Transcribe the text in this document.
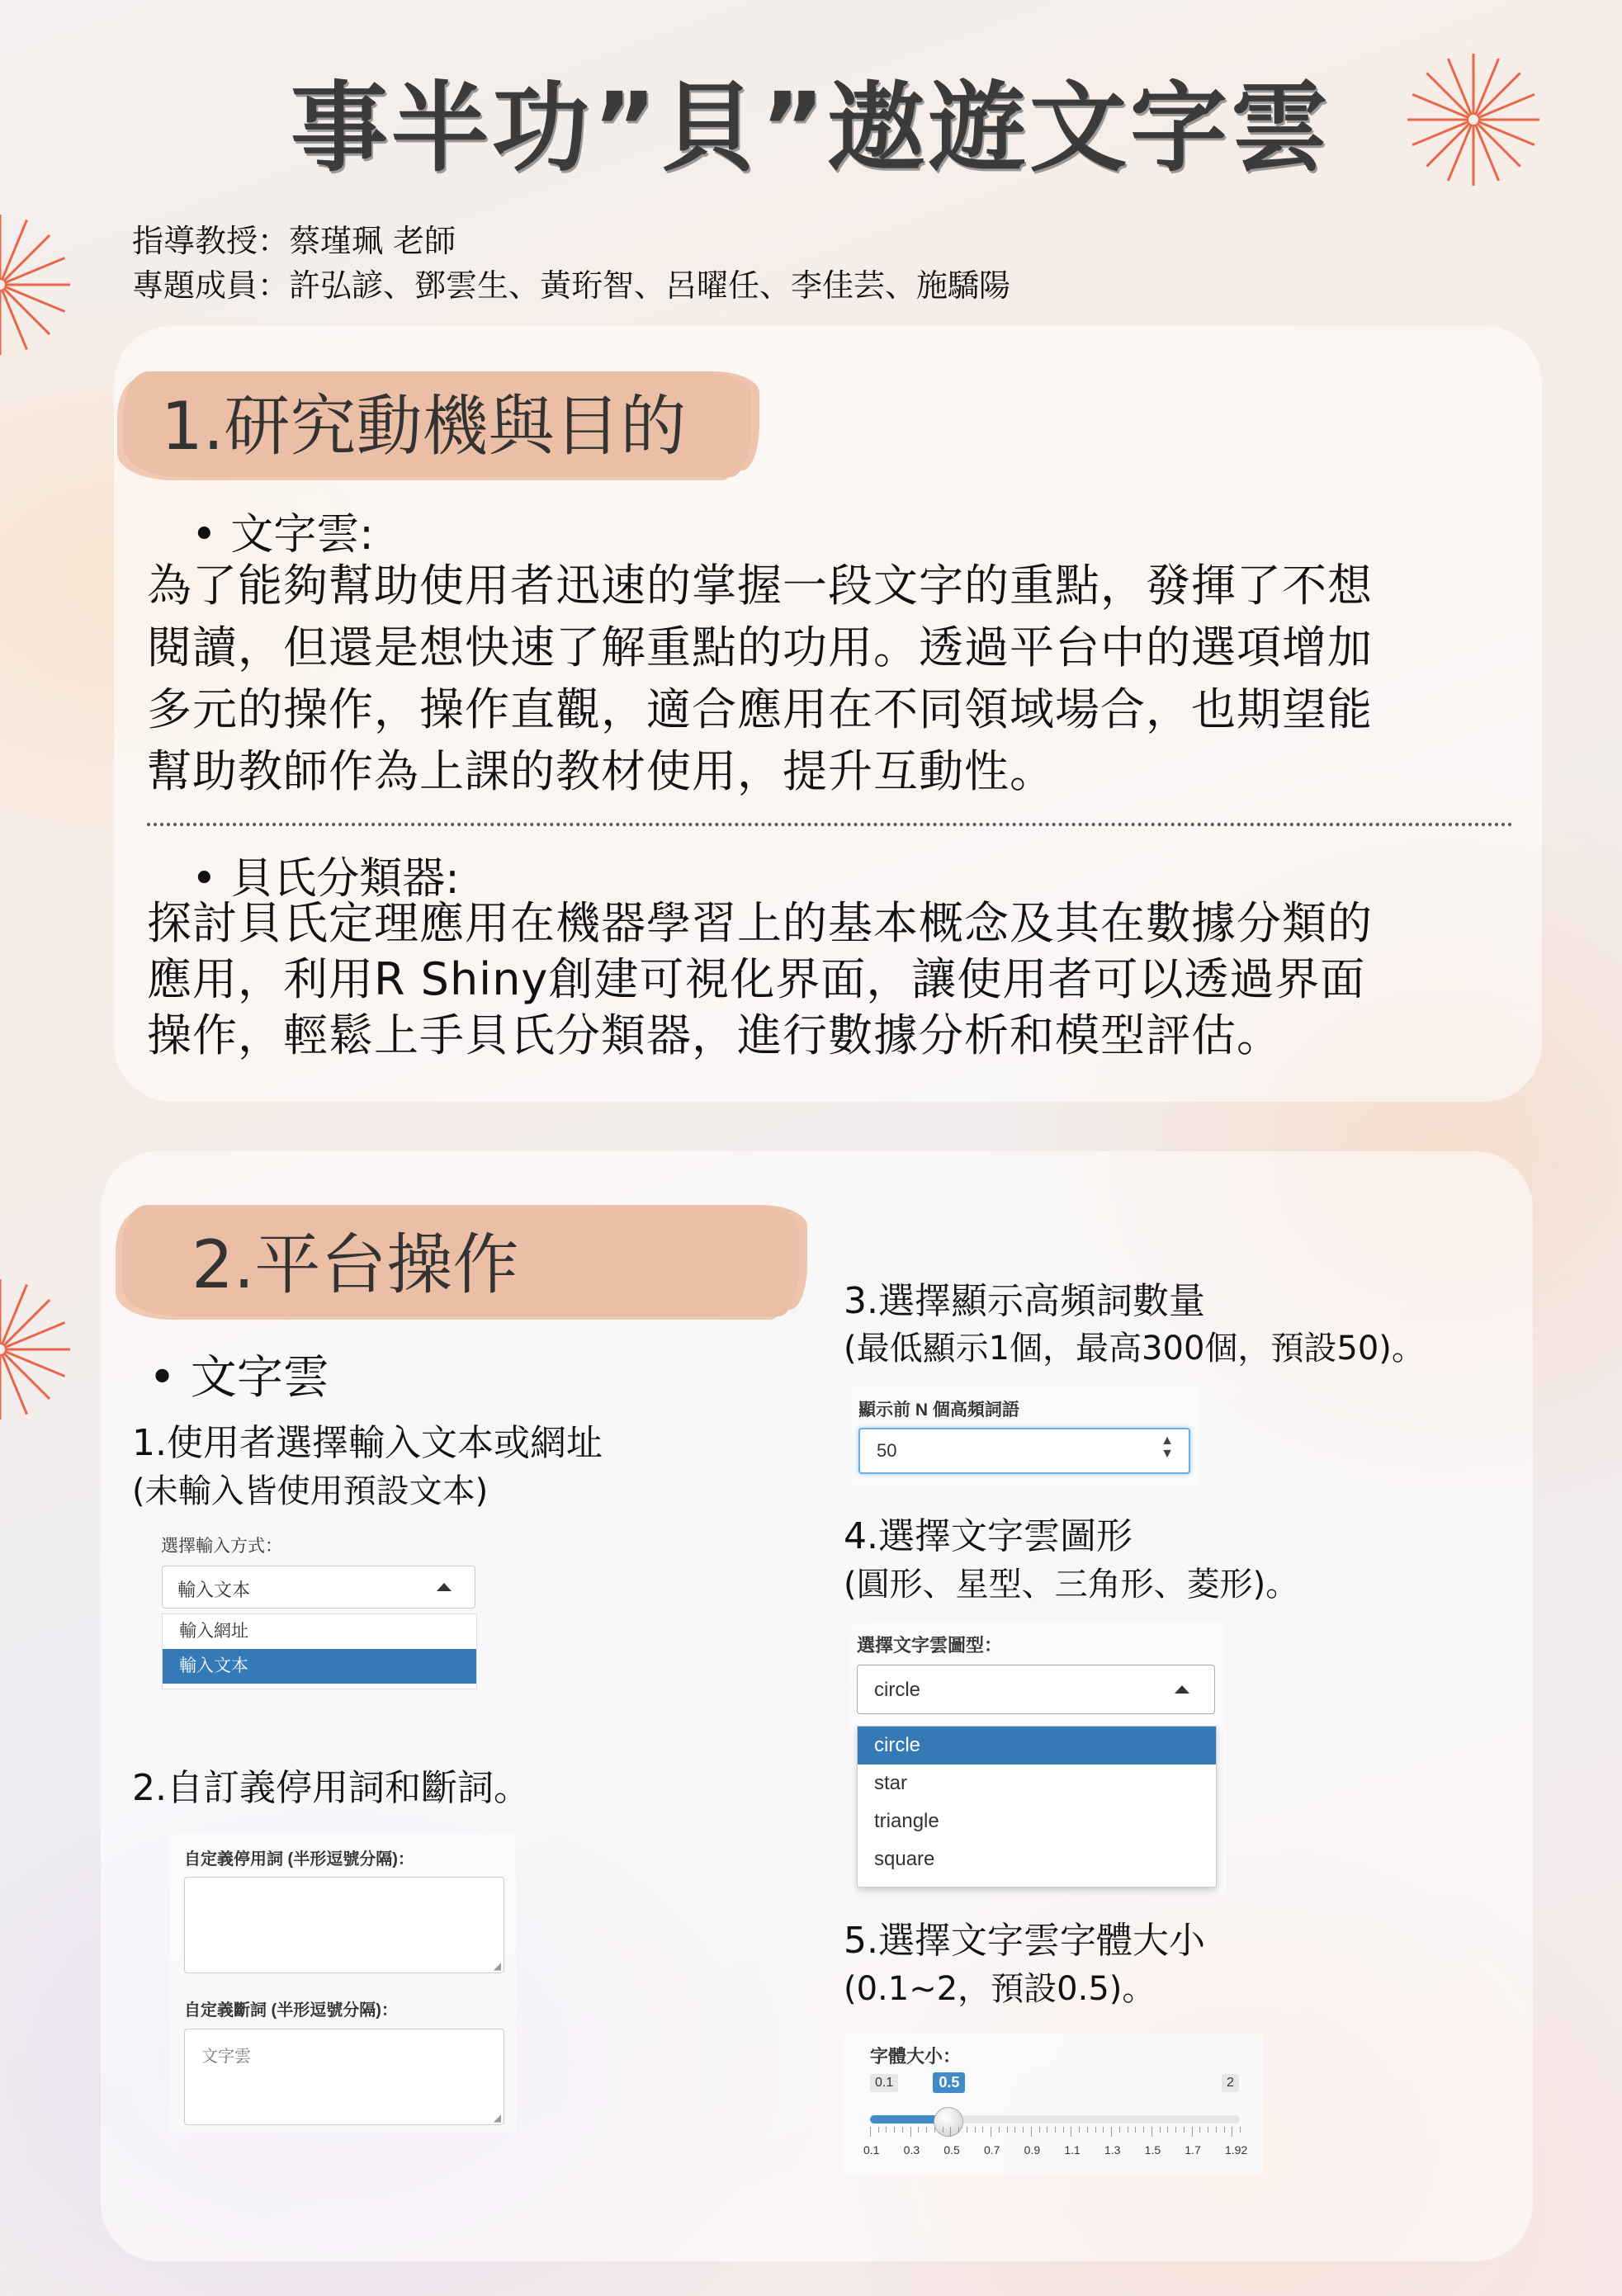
事半功”貝”遨遊文字雲
指導教授：蔡瑾珮 老師
專題成員：許弘諺、鄧雲生、黃珩智、呂曜任、李佳芸、施驕陽
1.研究動機與目的
• 文字雲:
為了能夠幫助使用者迅速的掌握一段文字的重點，發揮了不想
閱讀，但還是想快速了解重點的功用。透過平台中的選項增加
多元的操作，操作直觀，適合應用在不同領域場合，也期望能
幫助教師作為上課的教材使用，提升互動性。
• 貝氏分類器:
探討貝氏定理應用在機器學習上的基本概念及其在數據分類的
應用，利用R Shiny創建可視化界面，讓使用者可以透過界面
操作，輕鬆上手貝氏分類器，進行數據分析和模型評估。
2.平台操作
• 文字雲
1.使用者選擇輸入文本或網址
(未輸入皆使用預設文本)
選擇輸入方式：
輸入文本
輸入網址
輸入文本
2.自訂義停用詞和斷詞。
自定義停用詞 (半形逗號分隔)：
◢
自定義斷詞 (半形逗號分隔)：
文字雲
◢
3.選擇顯示高頻詞數量
(最低顯示1個，最高300個，預設50)。
顯示前 N 個高頻詞語
50	▲
▼
4.選擇文字雲圖形
(圓形、星型、三角形、菱形)。
選擇文字雲圖型：
circle
circle
star
triangle
square
5.選擇文字雲字體大小
(0.1~2，預設0.5)。
字體大小：
0.1	0.5	2
0.1 0.3 0.5 0.7 0.9 1.1 1.3 1.5 1.7 1.92
